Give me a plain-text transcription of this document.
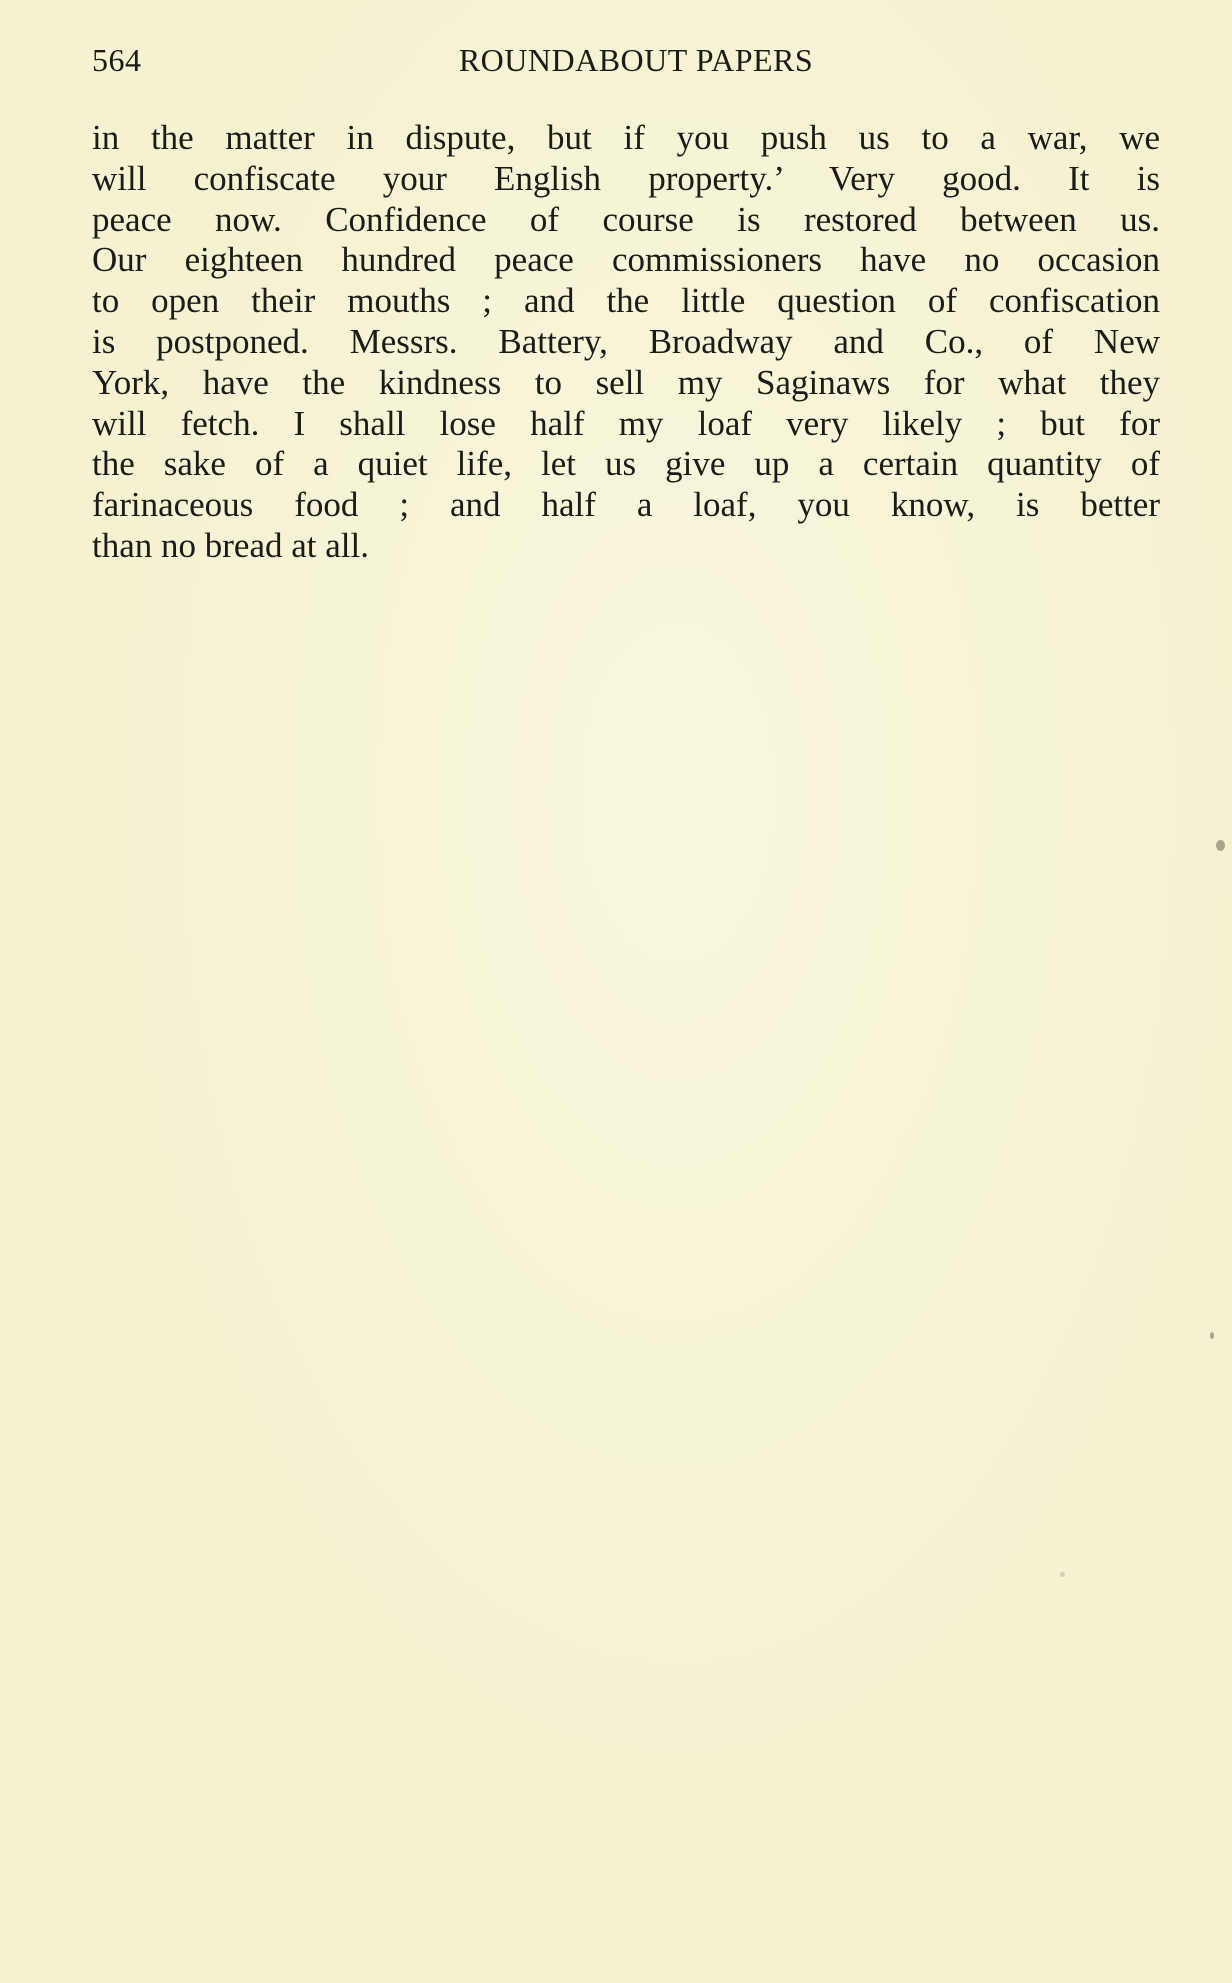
564	ROUNDABOUT PAPERS
in the matter in dispute, but if you push us to a war, we
will confiscate your English property.’ Very good. It is
peace now. Confidence of course is restored between us.
Our eighteen hundred peace commissioners have no occasion
to open their mouths ; and the little question of confiscation
is postponed. Messrs. Battery, Broadway and Co., of New
York, have the kindness to sell my Saginaws for what they
will fetch. I shall lose half my loaf very likely ; but for
the sake of a quiet life, let us give up a certain quantity of
farinaceous food ; and half a loaf, you know, is better
than no bread at all.
